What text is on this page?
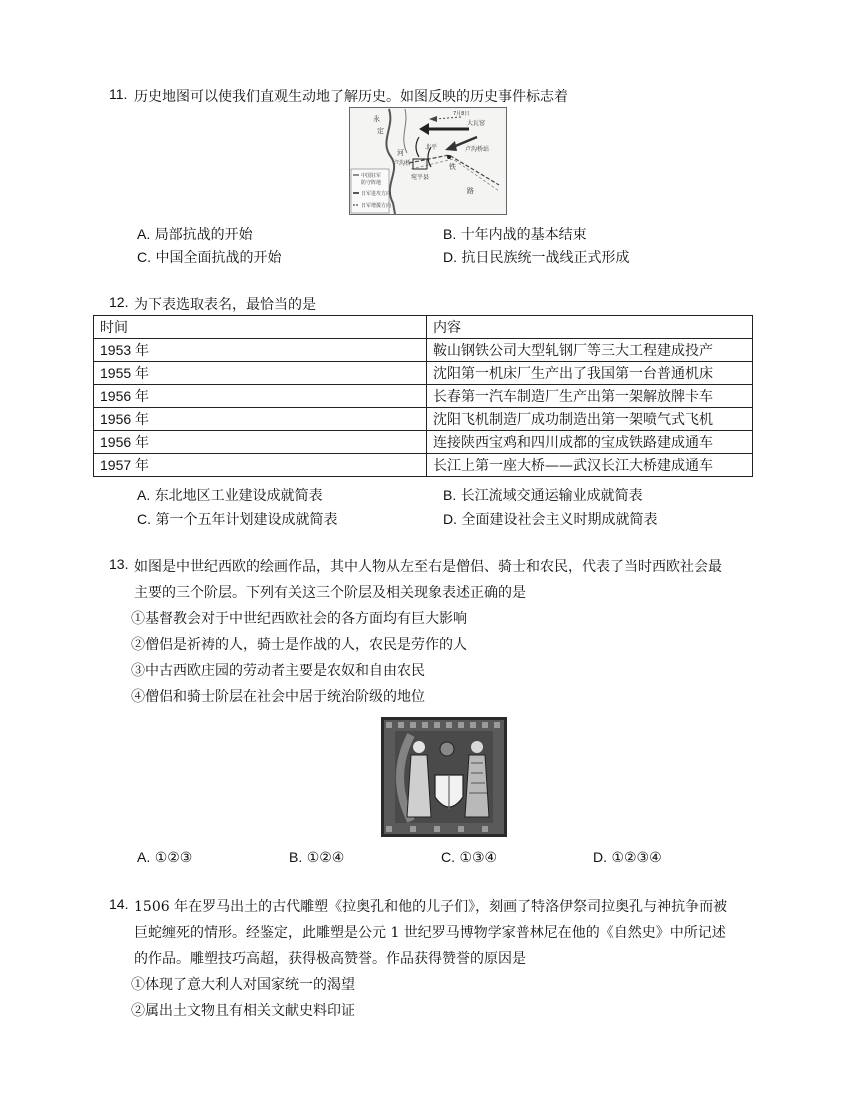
11. 历史地图可以使我们直观生动地了解历史。如图反映的历史事件标志着
永
定
河
宛平县
卢沟桥
北平	卢沟桥站
大瓦窑
铁
路
7月8日
中国驻军
防守阵地
日军进攻方向
日军增援方向
A. 局部抗战的开始	B. 十年内战的基本结束
C. 中国全面抗战的开始	D. 抗日民族统一战线正式形成
12. 为下表选取表名，最恰当的是
时间	内容
1953 年	鞍山钢铁公司大型轧钢厂等三大工程建成投产
1955 年	沈阳第一机床厂生产出了我国第一台普通机床
1956 年	长春第一汽车制造厂生产出第一架解放牌卡车
1956 年	沈阳飞机制造厂成功制造出第一架喷气式飞机
1956 年	连接陕西宝鸡和四川成都的宝成铁路建成通车
1957 年	长江上第一座大桥——武汉长江大桥建成通车
A. 东北地区工业建设成就简表	B. 长江流域交通运输业成就简表
C. 第一个五年计划建设成就简表	D. 全面建设社会主义时期成就简表
13. 如图是中世纪西欧的绘画作品，其中人物从左至右是僧侣、骑士和农民，代表了当时西欧社会最
主要的三个阶层。下列有关这三个阶层及相关现象表述正确的是
①基督教会对于中世纪西欧社会的各方面均有巨大影响
②僧侣是祈祷的人，骑士是作战的人，农民是劳作的人
③中古西欧庄园的劳动者主要是农奴和自由农民
④僧侣和骑士阶层在社会中居于统治阶级的地位
A. ①②③	B. ①②④	C. ①③④	D. ①②③④
14. 1506 年在罗马出土的古代雕塑《拉奥孔和他的儿子们》，刻画了特洛伊祭司拉奥孔与神抗争而被
巨蛇缠死的情形。经鉴定，此雕塑是公元 1 世纪罗马博物学家普林尼在他的《自然史》中所记述
的作品。雕塑技巧高超，获得极高赞誉。作品获得赞誉的原因是
①体现了意大利人对国家统一的渴望
②属出土文物且有相关文献史料印证
